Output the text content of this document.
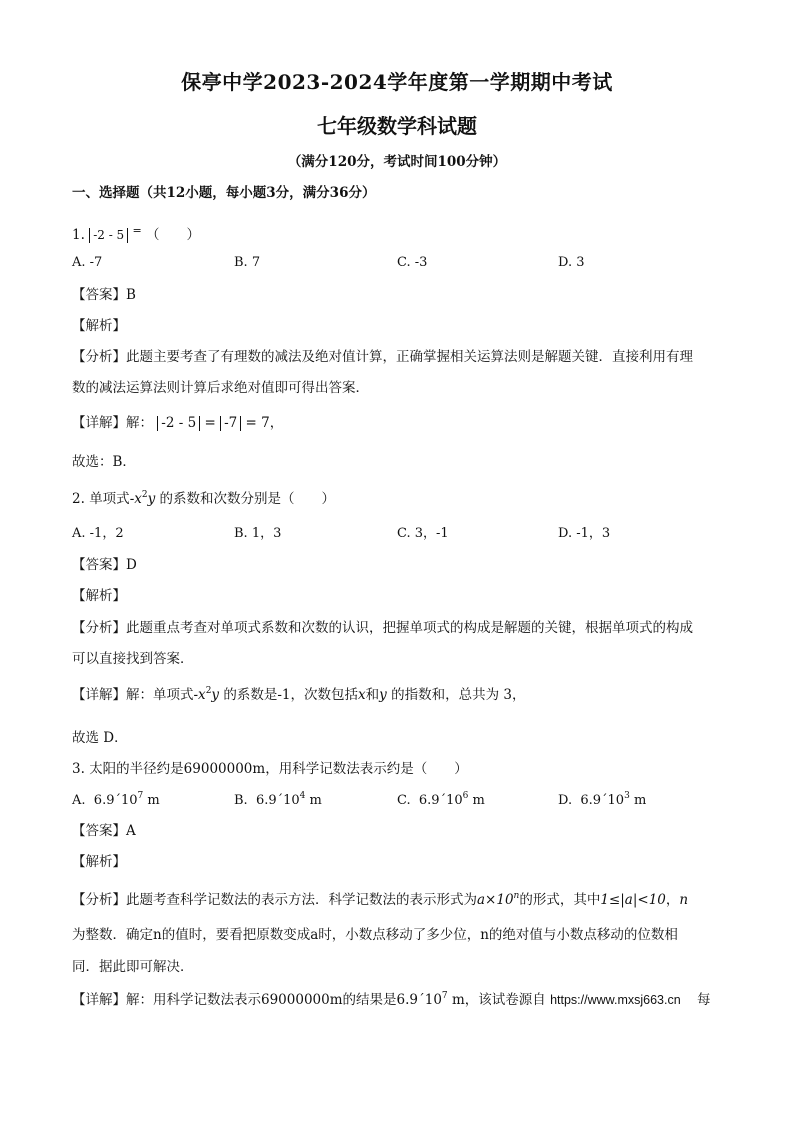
保亭中学2023-2024学年度第一学期期中考试
七年级数学科试题
（满分120分，考试时间100分钟）
一、选择题（共12小题，每小题3分，满分36分）
1. -2 - 5 = （　　）
A. -7	B. 7	C. -3	D. 3
【答案】B
【解析】
【分析】此题主要考查了有理数的减法及绝对值计算，正确掌握相关运算法则是解题关键．直接利用有理
数的减法运算法则计算后求绝对值即可得出答案．
【详解】解： -2 - 5 = -7 = 7，
故选：B．
2. 单项式$-x^2y$ 的系数和次数分别是（　　）
A. -1，2	B. 1，3	C. 3，-1	D. -1，3
【答案】D
【解析】
【分析】此题重点考查对单项式系数和次数的认识，把握单项式的构成是解题的关键，根据单项式的构成
可以直接找到答案．
【详解】解：单项式$-x^2y$ 的系数是-1，次数包括x和y 的指数和，总共为 3，
故选 D．
3. 太阳的半径约是69000000m，用科学记数法表示约是（　　）
A. $6.9´10^7$ m	B. $6.9´10^4$ m	C. $6.9´10^6$ m	D. $6.9´10^3$ m
【答案】A
【解析】
【分析】此题考查科学记数法的表示方法．科学记数法的表示形式为$a\times 10^n$的形式，其中1≤|a|<10，n
为整数．确定n的值时，要看把原数变成a时，小数点移动了多少位，n的绝对值与小数点移动的位数相
同．据此即可解决．
【详解】解：用科学记数法表示69000000m的结果是$6.9´10^7$ m，该试卷源自 https://www.mxsj663.cn 每
